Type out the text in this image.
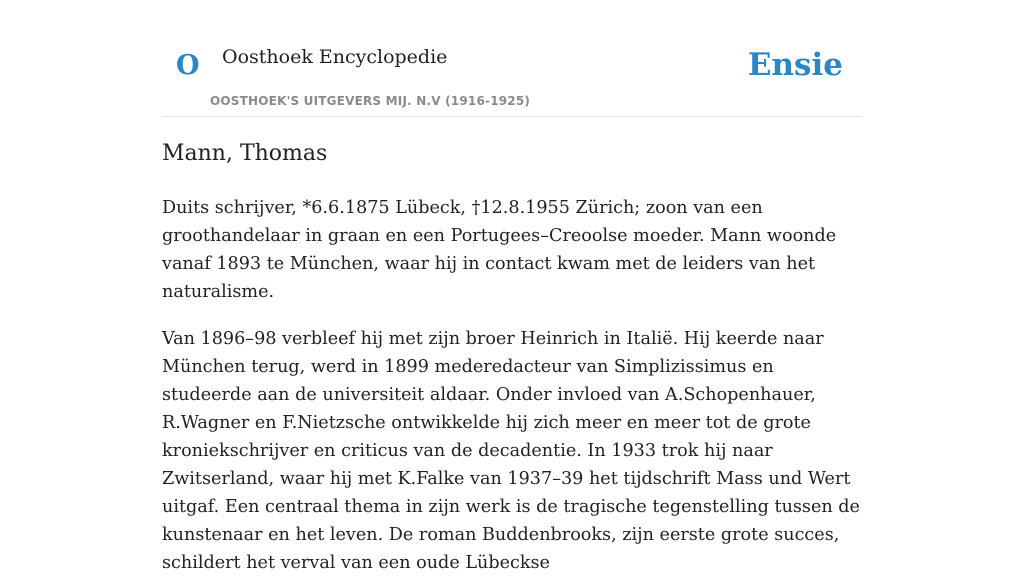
O Oosthoek Encyclopedie
OOSTHOEK'S UITGEVERS MIJ. N.V (1916-1925)
Ensie
Mann, Thomas

Duits schrijver, *6.6.1875 Lübeck, †12.8.1955 Zürich; zoon van een groothandelaar in graan en een Portugees–Creoolse moeder. Mann woonde vanaf 1893 te München, waar hij in contact kwam met de leiders van het naturalisme.

Van 1896–98 verbleef hij met zijn broer Heinrich in Italië. Hij keerde naar München terug, werd in 1899 mederedacteur van Simplizissimus en studeerde aan de universiteit aldaar. Onder invloed van A.Schopenhauer, R.Wagner en F.Nietzsche ontwikkelde hij zich meer en meer tot de grote kroniekschrijver en criticus van de decadentie. In 1933 trok hij naar Zwitserland, waar hij met K.Falke van 1937–39 het tijdschrift Mass und Wert uitgaf. Een centraal thema in zijn werk is de tragische tegenstelling tussen de kunstenaar en het leven. De roman Buddenbrooks, zijn eerste grote succes, schildert het verval van een oude Lübeckse
